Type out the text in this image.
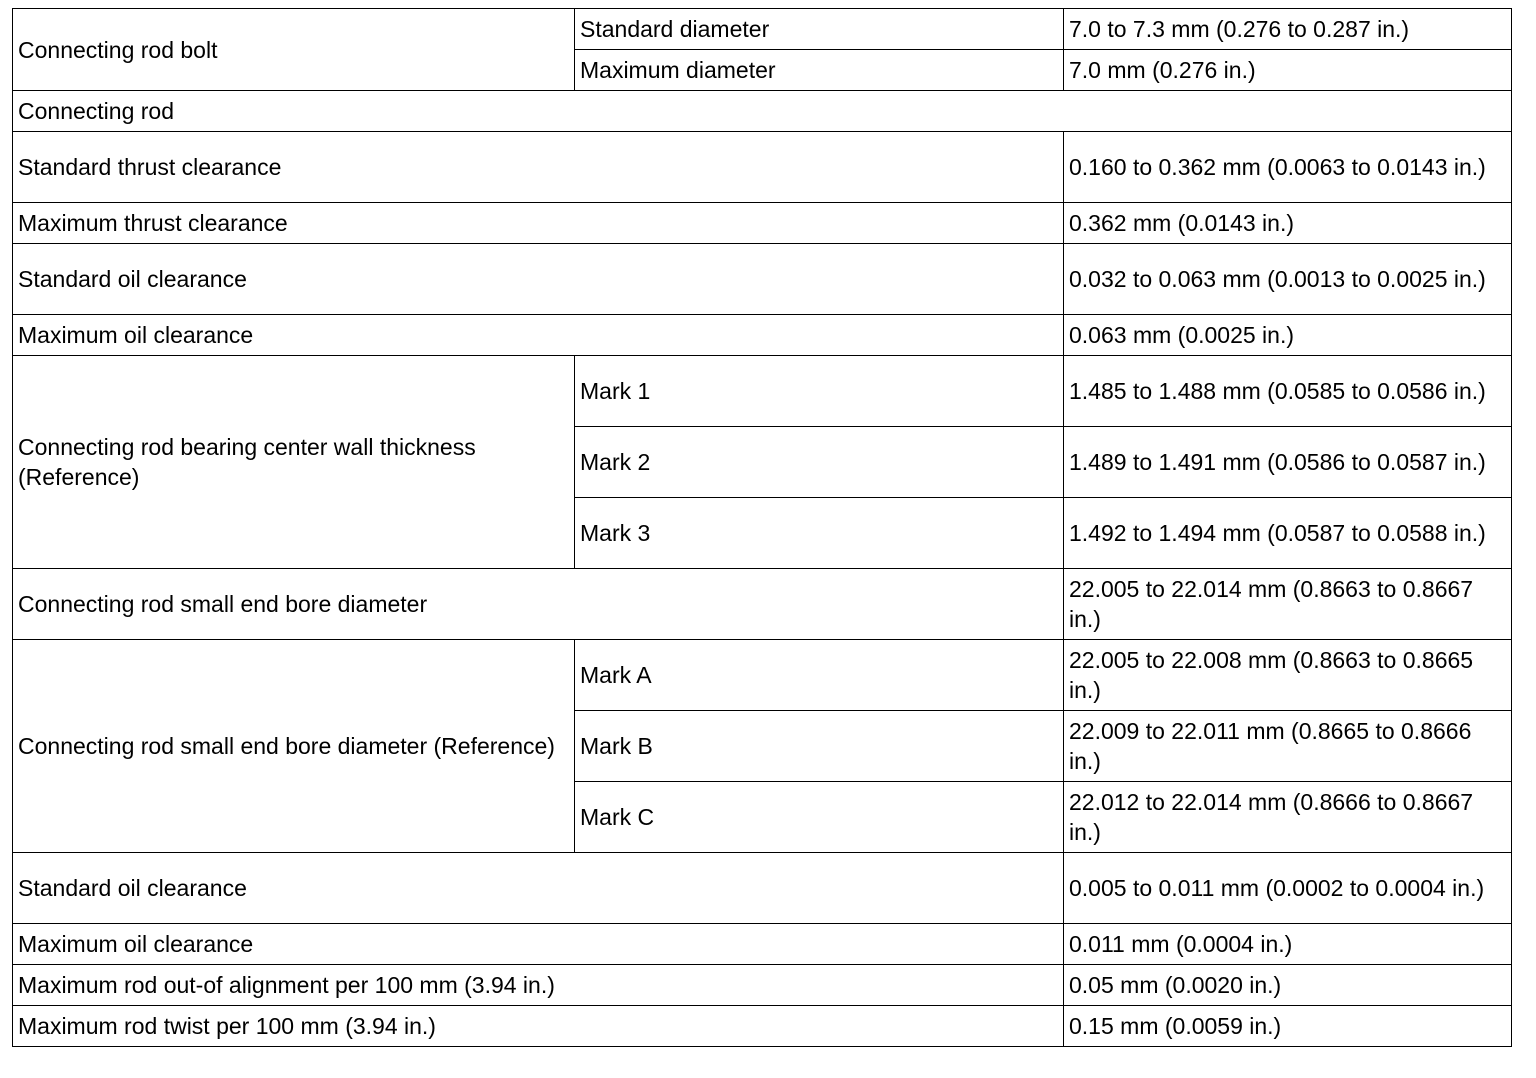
Connecting rod bolt	Standard diameter	7.0 to 7.3 mm (0.276 to 0.287 in.)
	Maximum diameter	7.0 mm (0.276 in.)
Connecting rod		
Standard thrust clearance		0.160 to 0.362 mm (0.0063 to 0.0143 in.)
Maximum thrust clearance		0.362 mm (0.0143 in.)
Standard oil clearance		0.032 to 0.063 mm (0.0013 to 0.0025 in.)
Maximum oil clearance		0.063 mm (0.0025 in.)
Connecting rod bearing center wall thickness (Reference)	Mark 1	1.485 to 1.488 mm (0.0585 to 0.0586 in.)
	Mark 2	1.489 to 1.491 mm (0.0586 to 0.0587 in.)
	Mark 3	1.492 to 1.494 mm (0.0587 to 0.0588 in.)
Connecting rod small end bore diameter		22.005 to 22.014 mm (0.8663 to 0.8667 in.)
Connecting rod small end bore diameter (Reference)	Mark A	22.005 to 22.008 mm (0.8663 to 0.8665 in.)
	Mark B	22.009 to 22.011 mm (0.8665 to 0.8666 in.)
	Mark C	22.012 to 22.014 mm (0.8666 to 0.8667 in.)
Standard oil clearance		0.005 to 0.011 mm (0.0002 to 0.0004 in.)
Maximum oil clearance		0.011 mm (0.0004 in.)
Maximum rod out-of alignment per 100 mm (3.94 in.)		0.05 mm (0.0020 in.)
Maximum rod twist per 100 mm (3.94 in.)		0.15 mm (0.0059 in.)
